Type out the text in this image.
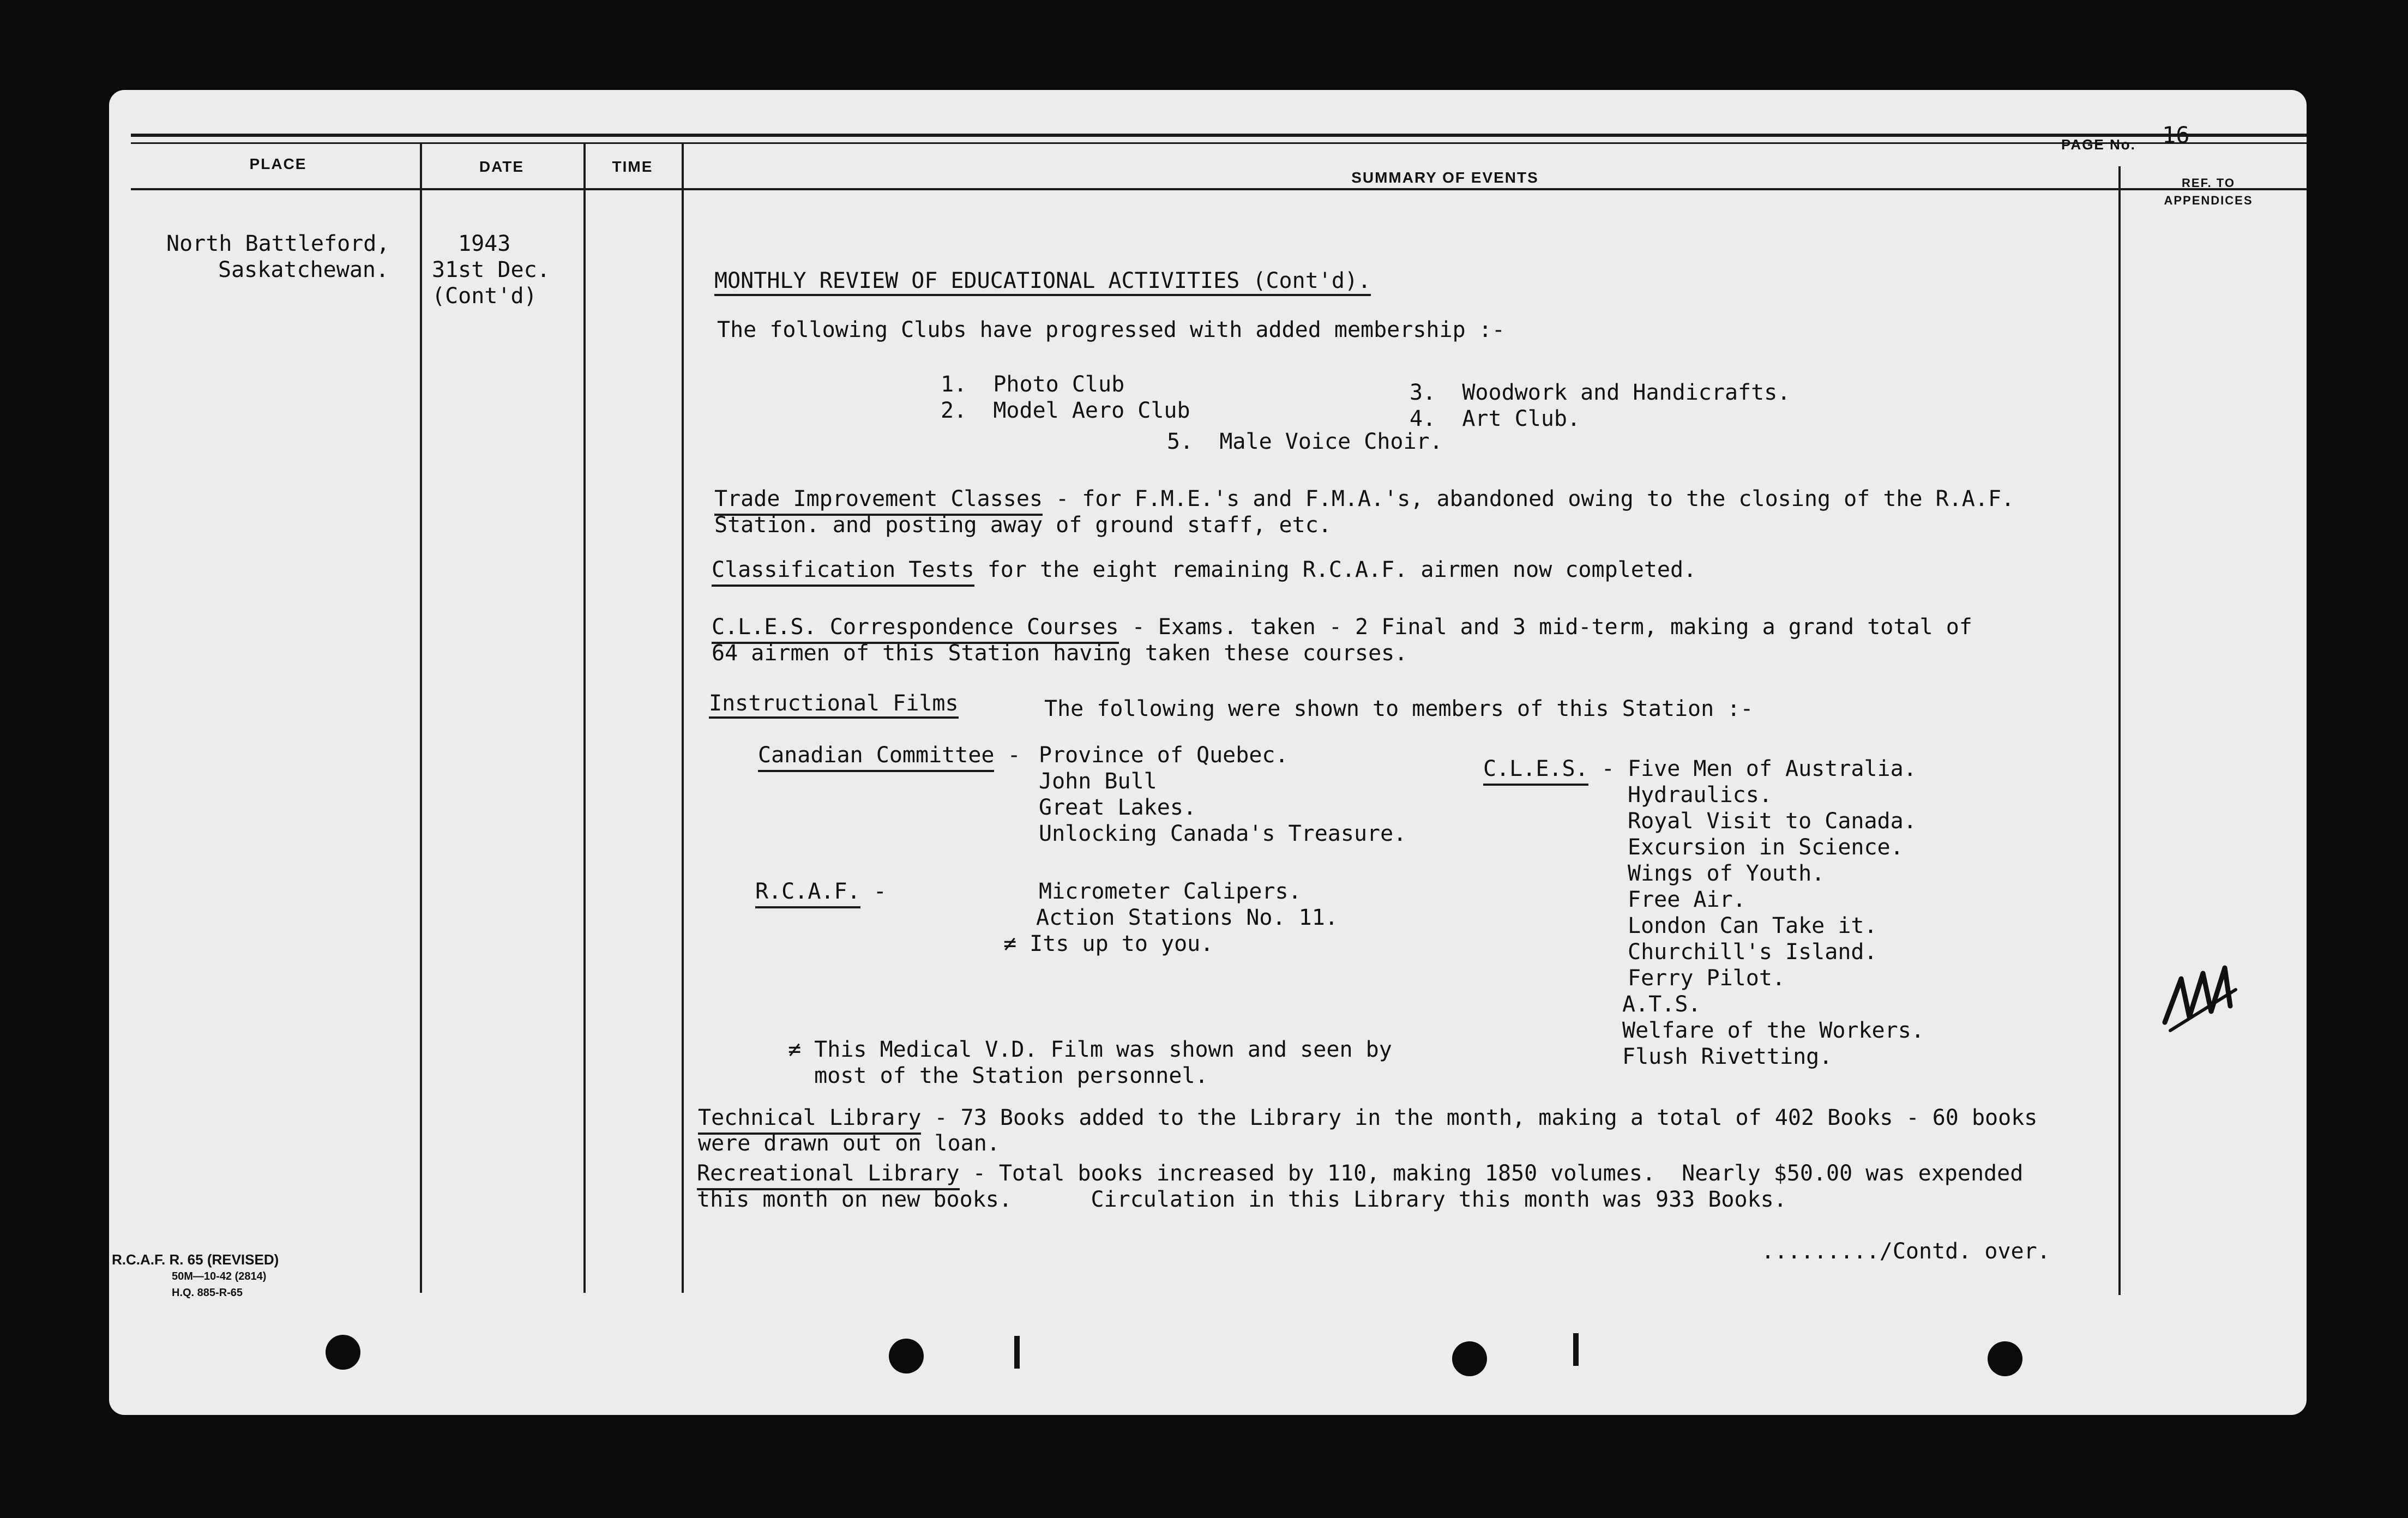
PLACE	DATE	TIME
SUMMARY OF EVENTS	REF. TO
APPENDICES
PAGE No.	16
North Battleford,
Saskatchewan.
1943
31st Dec.
(Cont'd)
MONTHLY REVIEW OF EDUCATIONAL ACTIVITIES (Cont'd).
The following Clubs have progressed with added membership :-
1.  Photo Club
2.  Model Aero Club
3.  Woodwork and Handicrafts.
4.  Art Club.
5.  Male Voice Choir.
Trade Improvement Classes - for F.M.E.'s and F.M.A.'s, abandoned owing to the closing of the R.A.F.
Station. and posting away of ground staff, etc.
Classification Tests for the eight remaining R.C.A.F. airmen now completed.
C.L.E.S. Correspondence Courses - Exams. taken - 2 Final and 3 mid-term, making a grand total of
64 airmen of this Station having taken these courses.
Instructional Films	The following were shown to members of this Station :-
Canadian Committee - Province of Quebec.
John Bull
Great Lakes.
Unlocking Canada's Treasure.
R.C.A.F. -	Micrometer Calipers.
Action Stations No. 11.
≠ Its up to you.
C.L.E.S. - Five Men of Australia.
Hydraulics.
Royal Visit to Canada.
Excursion in Science.
Wings of Youth.
Free Air.
London Can Take it.
Churchill's Island.
Ferry Pilot.
A.T.S.
Welfare of the Workers.
Flush Rivetting.
≠ This Medical V.D. Film was shown and seen by
most of the Station personnel.
Technical Library - 73 Books added to the Library in the month, making a total of 402 Books - 60 books
were drawn out on loan.
Recreational Library - Total books increased by 110, making 1850 volumes.  Nearly $50.00 was expended
this month on new books.      Circulation in this Library this month was 933 Books.
........./Contd. over.
MB
R.C.A.F. R. 65 (REVISED)
50M—10-42 (2814)
H.Q. 885-R-65
